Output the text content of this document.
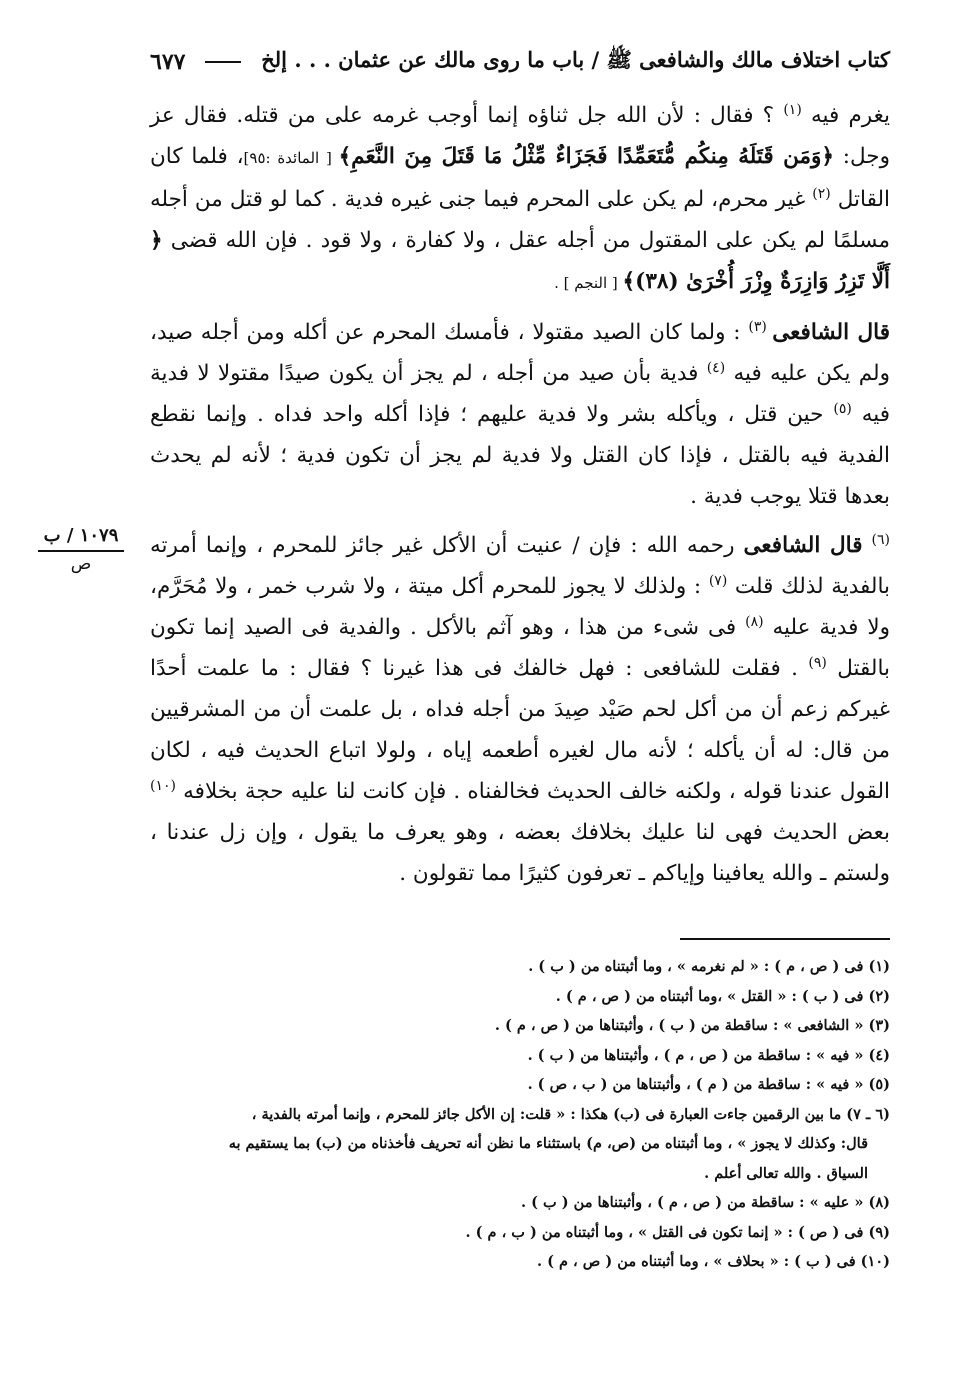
كتاب اختلاف مالك والشافعى ﷺ / باب ما روى مالك عن عثمان . . . إلخ
٦٧٧

يغرم فيه $^{(١)}$ ؟ فقال : لأن الله جل ثناؤه إنما أوجب غرمه على من قتله. فقال عز وجل: ﴿وَمَن قَتَلَهُ مِنكُم مُّتَعَمِّدًا فَجَزَاءٌ مِّثْلُ مَا قَتَلَ مِنَ النَّعَمِ﴾ [ المائدة :٩٥]، فلما كان القاتل $^{(٢)}$ غير محرم، لم يكن على المحرم فيما جنى غيره فدية . كما لو قتل من أجله مسلمًا لم يكن على المقتول من أجله عقل ، ولا كفارة ، ولا قود . فإن الله قضى ﴿ أَلَّا تَزِرُ وَازِرَةٌ وِزْرَ أُخْرَىٰ (٣٨)﴾ [ النجم ] .

قال الشافعى $^{(٣)}$ : ولما كان الصيد مقتولا ، فأمسك المحرم عن أكله ومن أجله صيد، ولم يكن عليه فيه $^{(٤)}$ فدية بأن صيد من أجله ، لم يجز أن يكون صيدًا مقتولا لا فدية فيه $^{(٥)}$ حين قتل ، ويأكله بشر ولا فدية عليهم ؛ فإذا أكله واحد فداه . وإنما نقطع الفدية فيه بالقتل ، فإذا كان القتل ولا فدية لم يجز أن تكون فدية ؛ لأنه لم يحدث بعدها قتلا يوجب فدية .

$^{(٦)}$ قال الشافعى رحمه الله : فإن / عنيت أن الأكل غير جائز للمحرم ، وإنما أمرته بالفدية لذلك قلت $^{(٧)}$ : ولذلك لا يجوز للمحرم أكل ميتة ، ولا شرب خمر ، ولا مُحَرَّم، ولا فدية عليه $^{(٨)}$ فى شىء من هذا ، وهو آثم بالأكل . والفدية فى الصيد إنما تكون بالقتل $^{(٩)}$ . فقلت للشافعى : فهل خالفك فى هذا غيرنا ؟ فقال : ما علمت أحدًا غيركم زعم أن من أكل لحم صَيْد صِيدَ من أجله فداه ، بل علمت أن من المشرقيين من قال: له أن يأكله ؛ لأنه مال لغيره أطعمه إياه ، ولولا اتباع الحديث فيه ، لكان القول عندنا قوله ، ولكنه خالف الحديث فخالفناه . فإن كانت لنا عليه حجة بخلافه $^{(١٠)}$ بعض الحديث فهى لنا عليك بخلافك بعضه ، وهو يعرف ما يقول ، وإن زل عندنا ، ولستم ـ والله يعافينا وإياكم ـ تعرفون كثيرًا مما تقولون .

١٠٧٩ / ب
ص

(١) فى ( ص ، م ) : « لم نغرمه » ، وما أثبتناه من ( ب ) .

(٢) فى ( ب ) : « القتل » ،وما أثبتناه من ( ص ، م ) .

(٣) « الشافعى » : ساقطة من ( ب ) ، وأثبتناها من ( ص ، م ) .

(٤) « فيه » : ساقطة من ( ص ، م ) ، وأثبتناها من ( ب ) .

(٥) « فيه » : ساقطة من ( م ) ، وأثبتناها من ( ب ، ص ) .

(٦ ـ ٧) ما بين الرقمين جاءت العبارة فى (ب) هكذا : « قلت: إن الأكل جائز للمحرم ، وإنما أمرته بالفدية ،

قال: وكذلك لا يجوز » ، وما أثبتناه من (ص، م) باستثناء ما نظن أنه تحريف فأخذناه من (ب) بما يستقيم به

السياق . والله تعالى أعلم .

(٨) « عليه » : ساقطة من ( ص ، م ) ، وأثبتناها من ( ب ) .

(٩) فى ( ص ) : « إنما تكون فى القتل » ، وما أثبتناه من ( ب ، م ) .

(١٠) فى ( ب ) : « بحلاف » ، وما أثبتناه من ( ص ، م ) .
